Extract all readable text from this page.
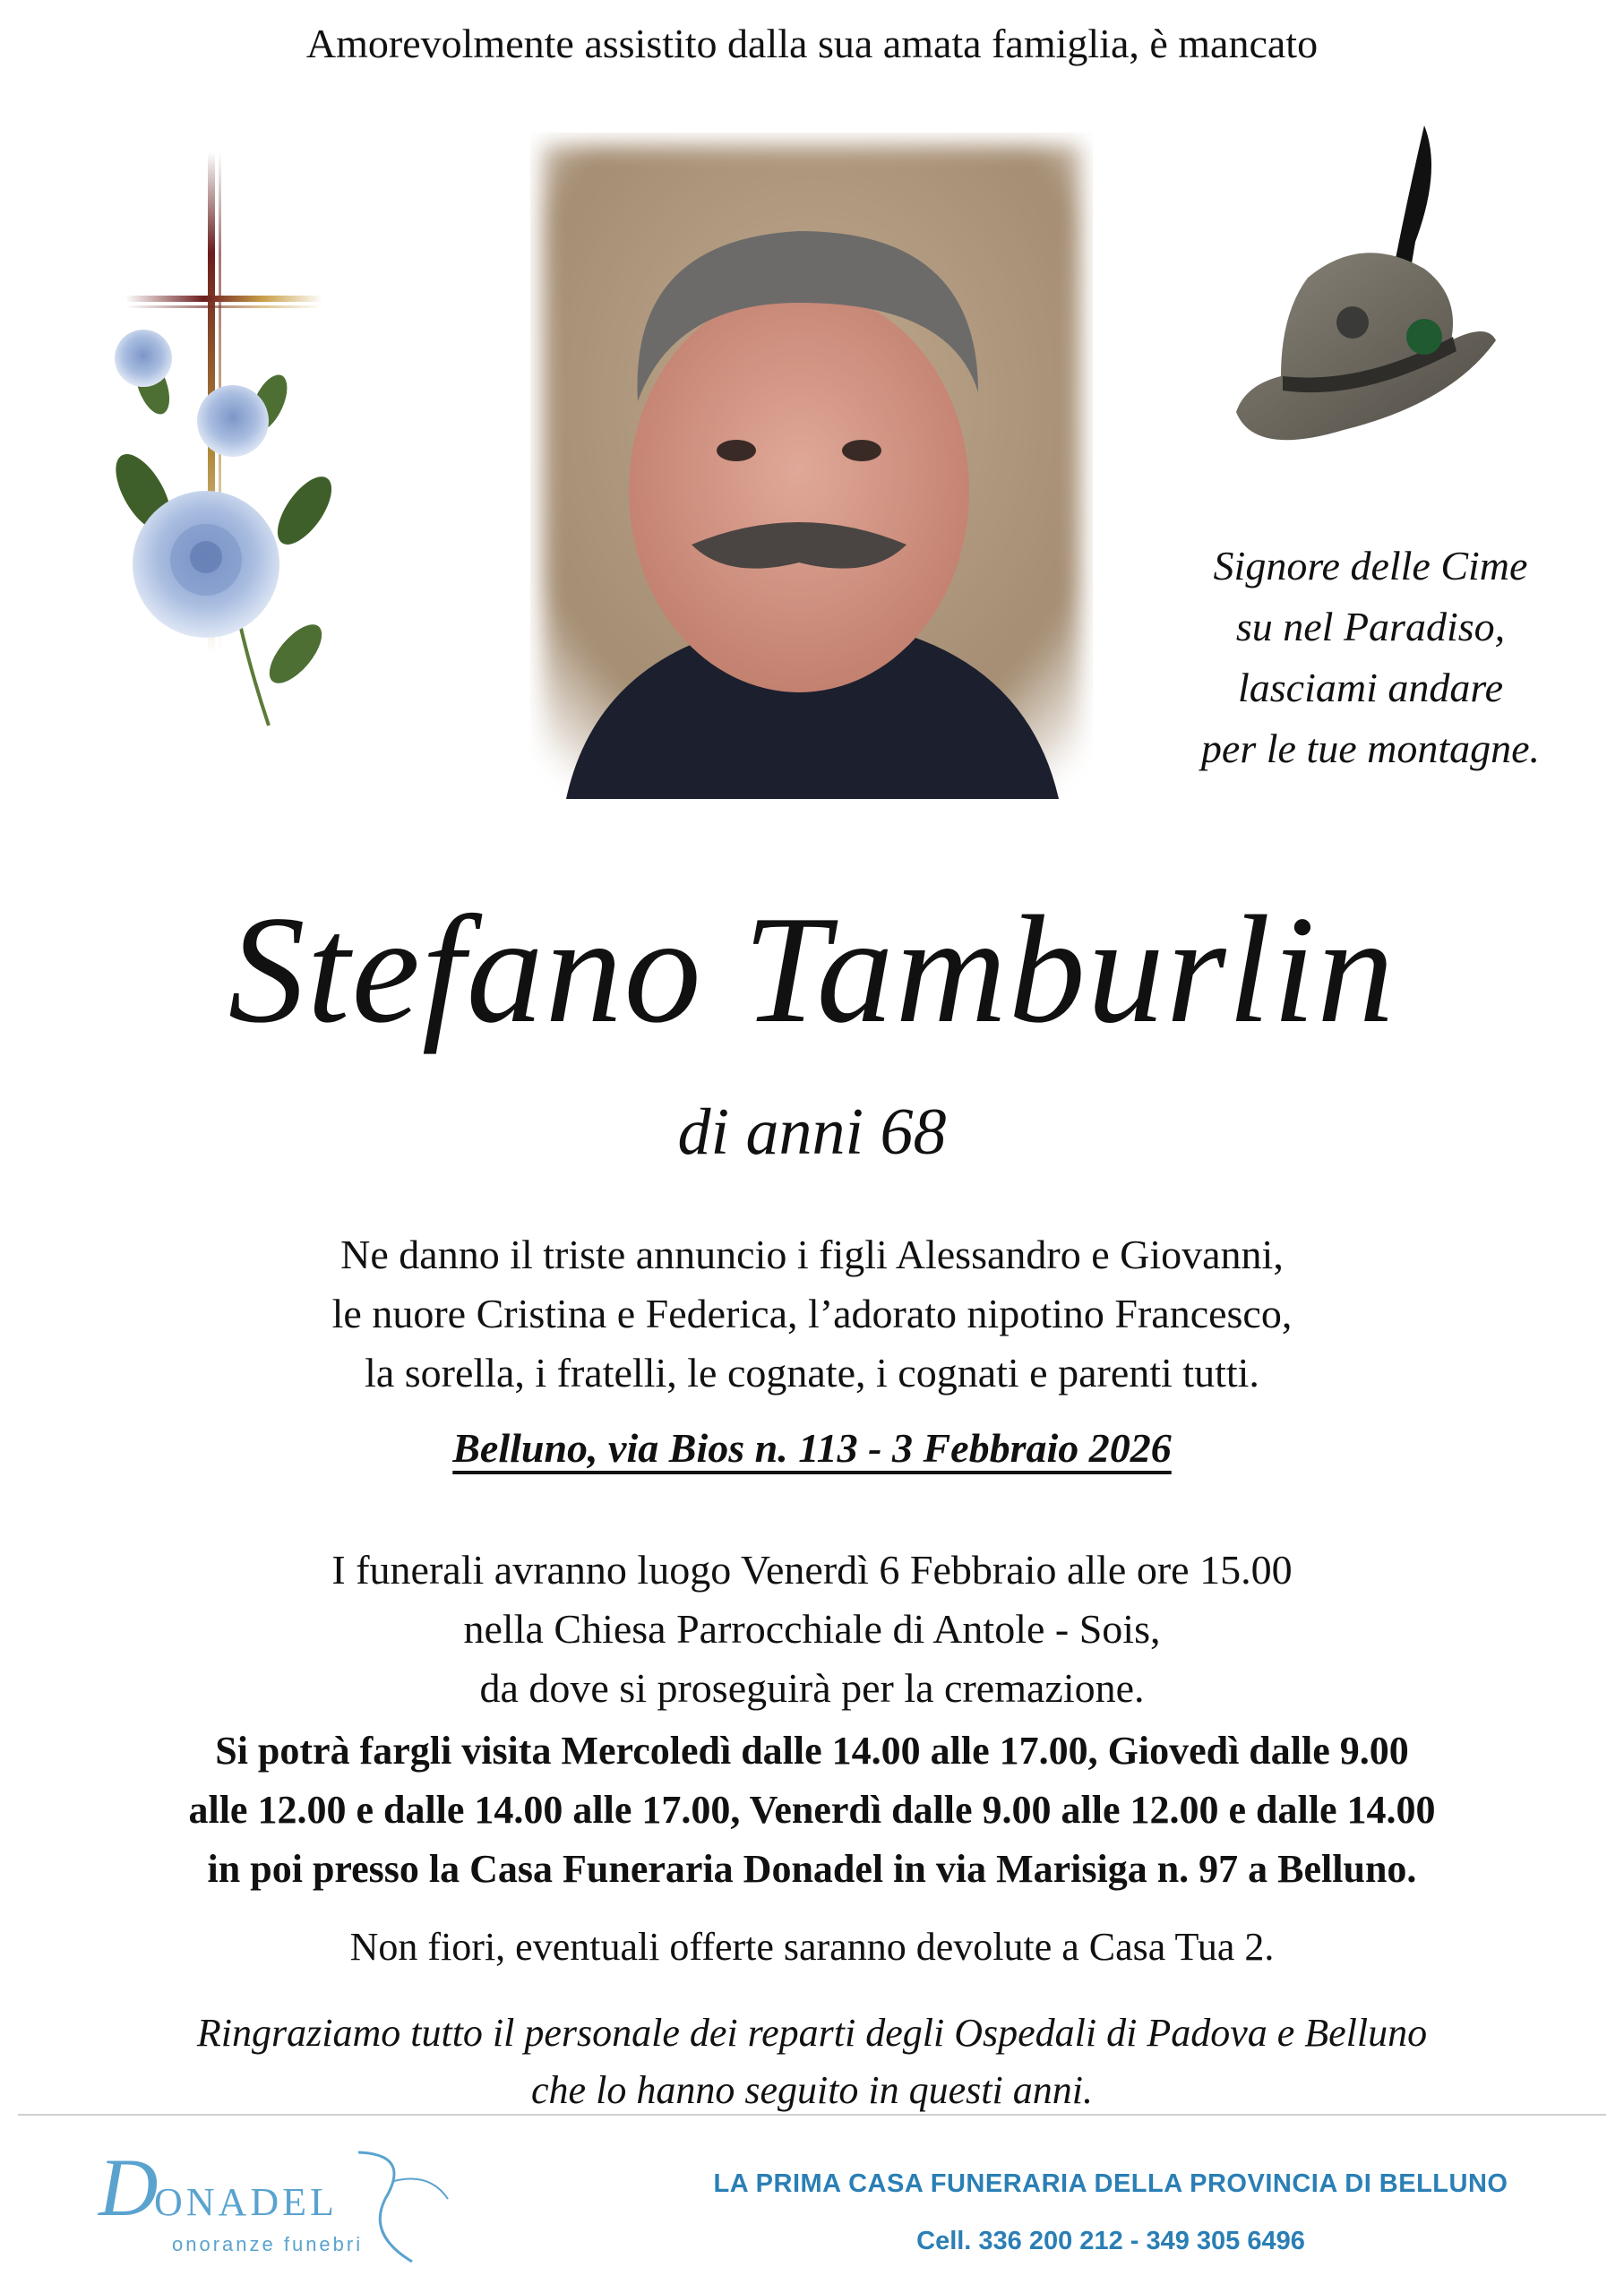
Amorevolmente assistito dalla sua amata famiglia, è mancato
Signore delle Cime
su nel Paradiso,
lasciami andare
per le tue montagne.
Stefano Tamburlin
di anni 68
Ne danno il triste annuncio i figli Alessandro e Giovanni,
le nuore Cristina e Federica, l’adorato nipotino Francesco,
la sorella, i fratelli, le cognate, i cognati e parenti tutti.
Belluno, via Bios n. 113 - 3 Febbraio 2026
I funerali avranno luogo Venerdì 6 Febbraio alle ore 15.00
nella Chiesa Parrocchiale di Antole - Sois,
da dove si proseguirà per la cremazione.
Si potrà fargli visita Mercoledì dalle 14.00 alle 17.00, Giovedì dalle 9.00
alle 12.00 e dalle 14.00 alle 17.00, Venerdì dalle 9.00 alle 12.00 e dalle 14.00
in poi presso la Casa Funeraria Donadel in via Marisiga n. 97 a Belluno.
Non fiori, eventuali offerte saranno devolute a Casa Tua 2.
Ringraziamo tutto il personale dei reparti degli Ospedali di Padova e Belluno
che lo hanno seguito in questi anni.
D
ONADEL
onoranze funebri
LA PRIMA CASA FUNERARIA DELLA PROVINCIA DI BELLUNO
Cell. 336 200 212 - 349 305 6496
